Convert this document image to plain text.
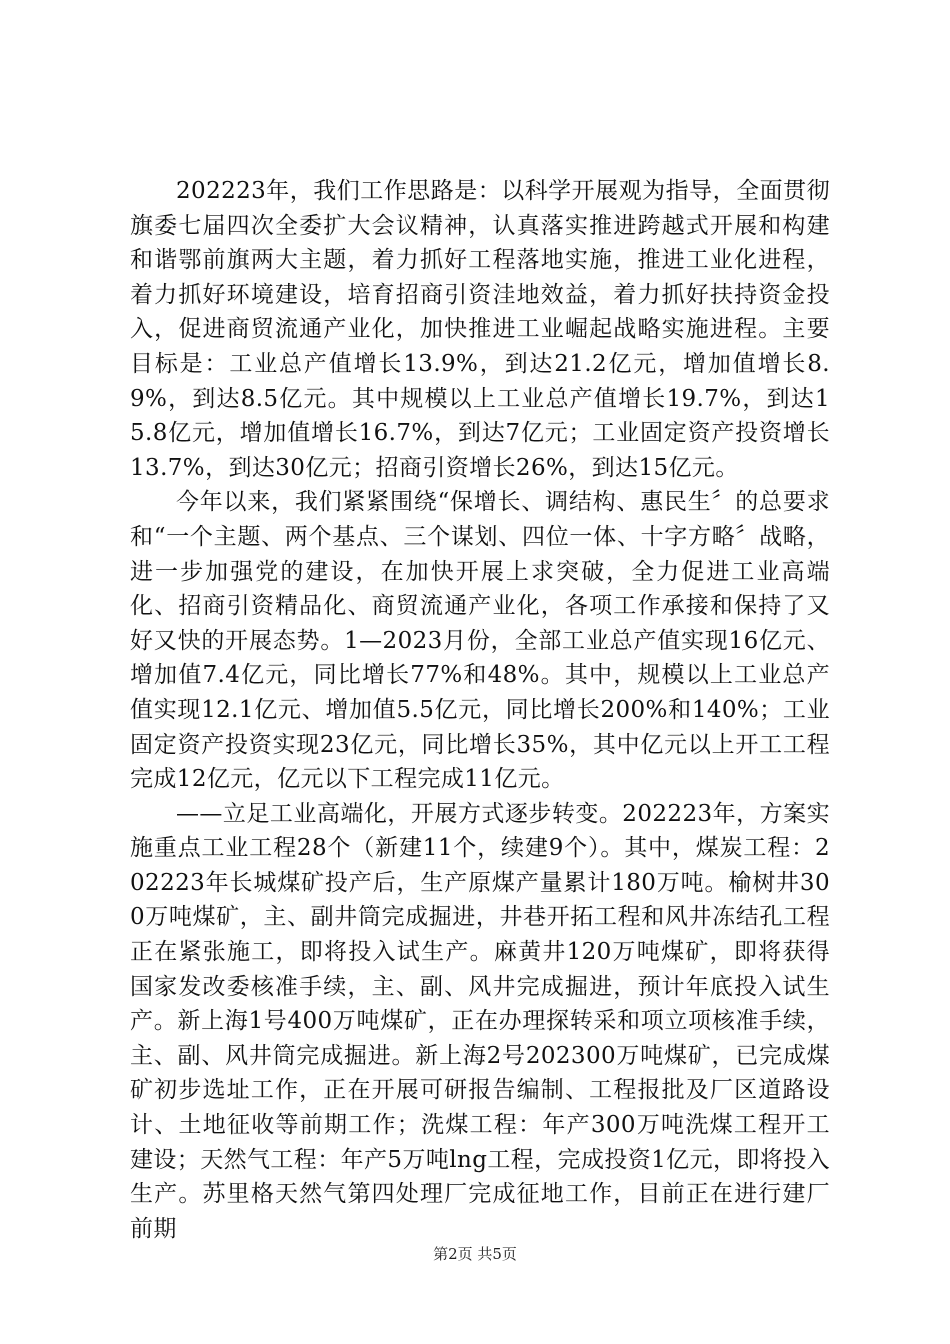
202223年，我们工作思路是：以科学开展观为指导，全面贯彻旗委七届四次全委扩大会议精神，认真落实推进跨越式开展和构建和谐鄂前旗两大主题，着力抓好工程落地实施，推进工业化进程，着力抓好环境建设，培育招商引资洼地效益，着力抓好扶持资金投入，促进商贸流通产业化，加快推进工业崛起战略实施进程。主要目标是：工业总产值增长13.9%，到达21.2亿元，增加值增长8.9%，到达8.5亿元。其中规模以上工业总产值增长19.7%，到达15.8亿元，增加值增长16.7%，到达7亿元；工业固定资产投资增长13.7%，到达30亿元；招商引资增长26%，到达15亿元。

今年以来，我们紧紧围绕“保增长、调结构、惠民生〞的总要求和“一个主题、两个基点、三个谋划、四位一体、十字方略〞战略，进一步加强党的建设，在加快开展上求突破，全力促进工业高端化、招商引资精品化、商贸流通产业化，各项工作承接和保持了又好又快的开展态势。1—2023月份，全部工业总产值实现16亿元、增加值7.4亿元，同比增长77%和48%。其中，规模以上工业总产值实现12.1亿元、增加值5.5亿元，同比增长200%和140%；工业固定资产投资实现23亿元，同比增长35%，其中亿元以上开工工程完成12亿元，亿元以下工程完成11亿元。

——立足工业高端化，开展方式逐步转变。202223年，方案实施重点工业工程28个（新建11个，续建9个）。其中，煤炭工程：202223年长城煤矿投产后，生产原煤产量累计180万吨。榆树井300万吨煤矿，主、副井筒完成掘进，井巷开拓工程和风井冻结孔工程正在紧张施工，即将投入试生产。麻黄井120万吨煤矿，即将获得国家发改委核准手续，主、副、风井完成掘进，预计年底投入试生产。新上海1号400万吨煤矿，正在办理探转采和项立项核准手续，主、副、风井筒完成掘进。新上海2号202300万吨煤矿，已完成煤矿初步选址工作，正在开展可研报告编制、工程报批及厂区道路设计、土地征收等前期工作；洗煤工程：年产300万吨洗煤工程开工建设；天然气工程：年产5万吨lng工程，完成投资1亿元，即将投入生产。苏里格天然气第四处理厂完成征地工作，目前正在进行建厂前期

第2页 共5页
